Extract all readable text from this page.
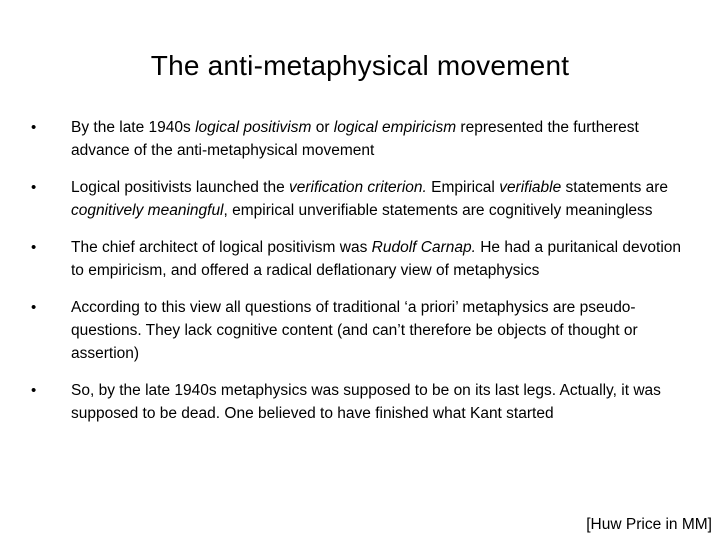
The anti-metaphysical movement
• By the late 1940s logical positivism or logical empiricism represented the furtherest advance of the anti-metaphysical movement
• Logical positivists launched the verification criterion. Empirical verifiable statements are cognitively meaningful, empirical unverifiable statements are cognitively meaningless
• The chief architect of logical positivism was Rudolf Carnap. He had a puritanical devotion to empiricism, and offered a radical deflationary view of metaphysics
• According to this view all questions of traditional ‘a priori’ metaphysics are pseudo-questions. They lack cognitive content (and can’t therefore be objects of thought or assertion)
• So, by the late 1940s metaphysics was supposed to be on its last legs. Actually, it was supposed to be dead. One believed to have finished what Kant started
[Huw Price in MM]
